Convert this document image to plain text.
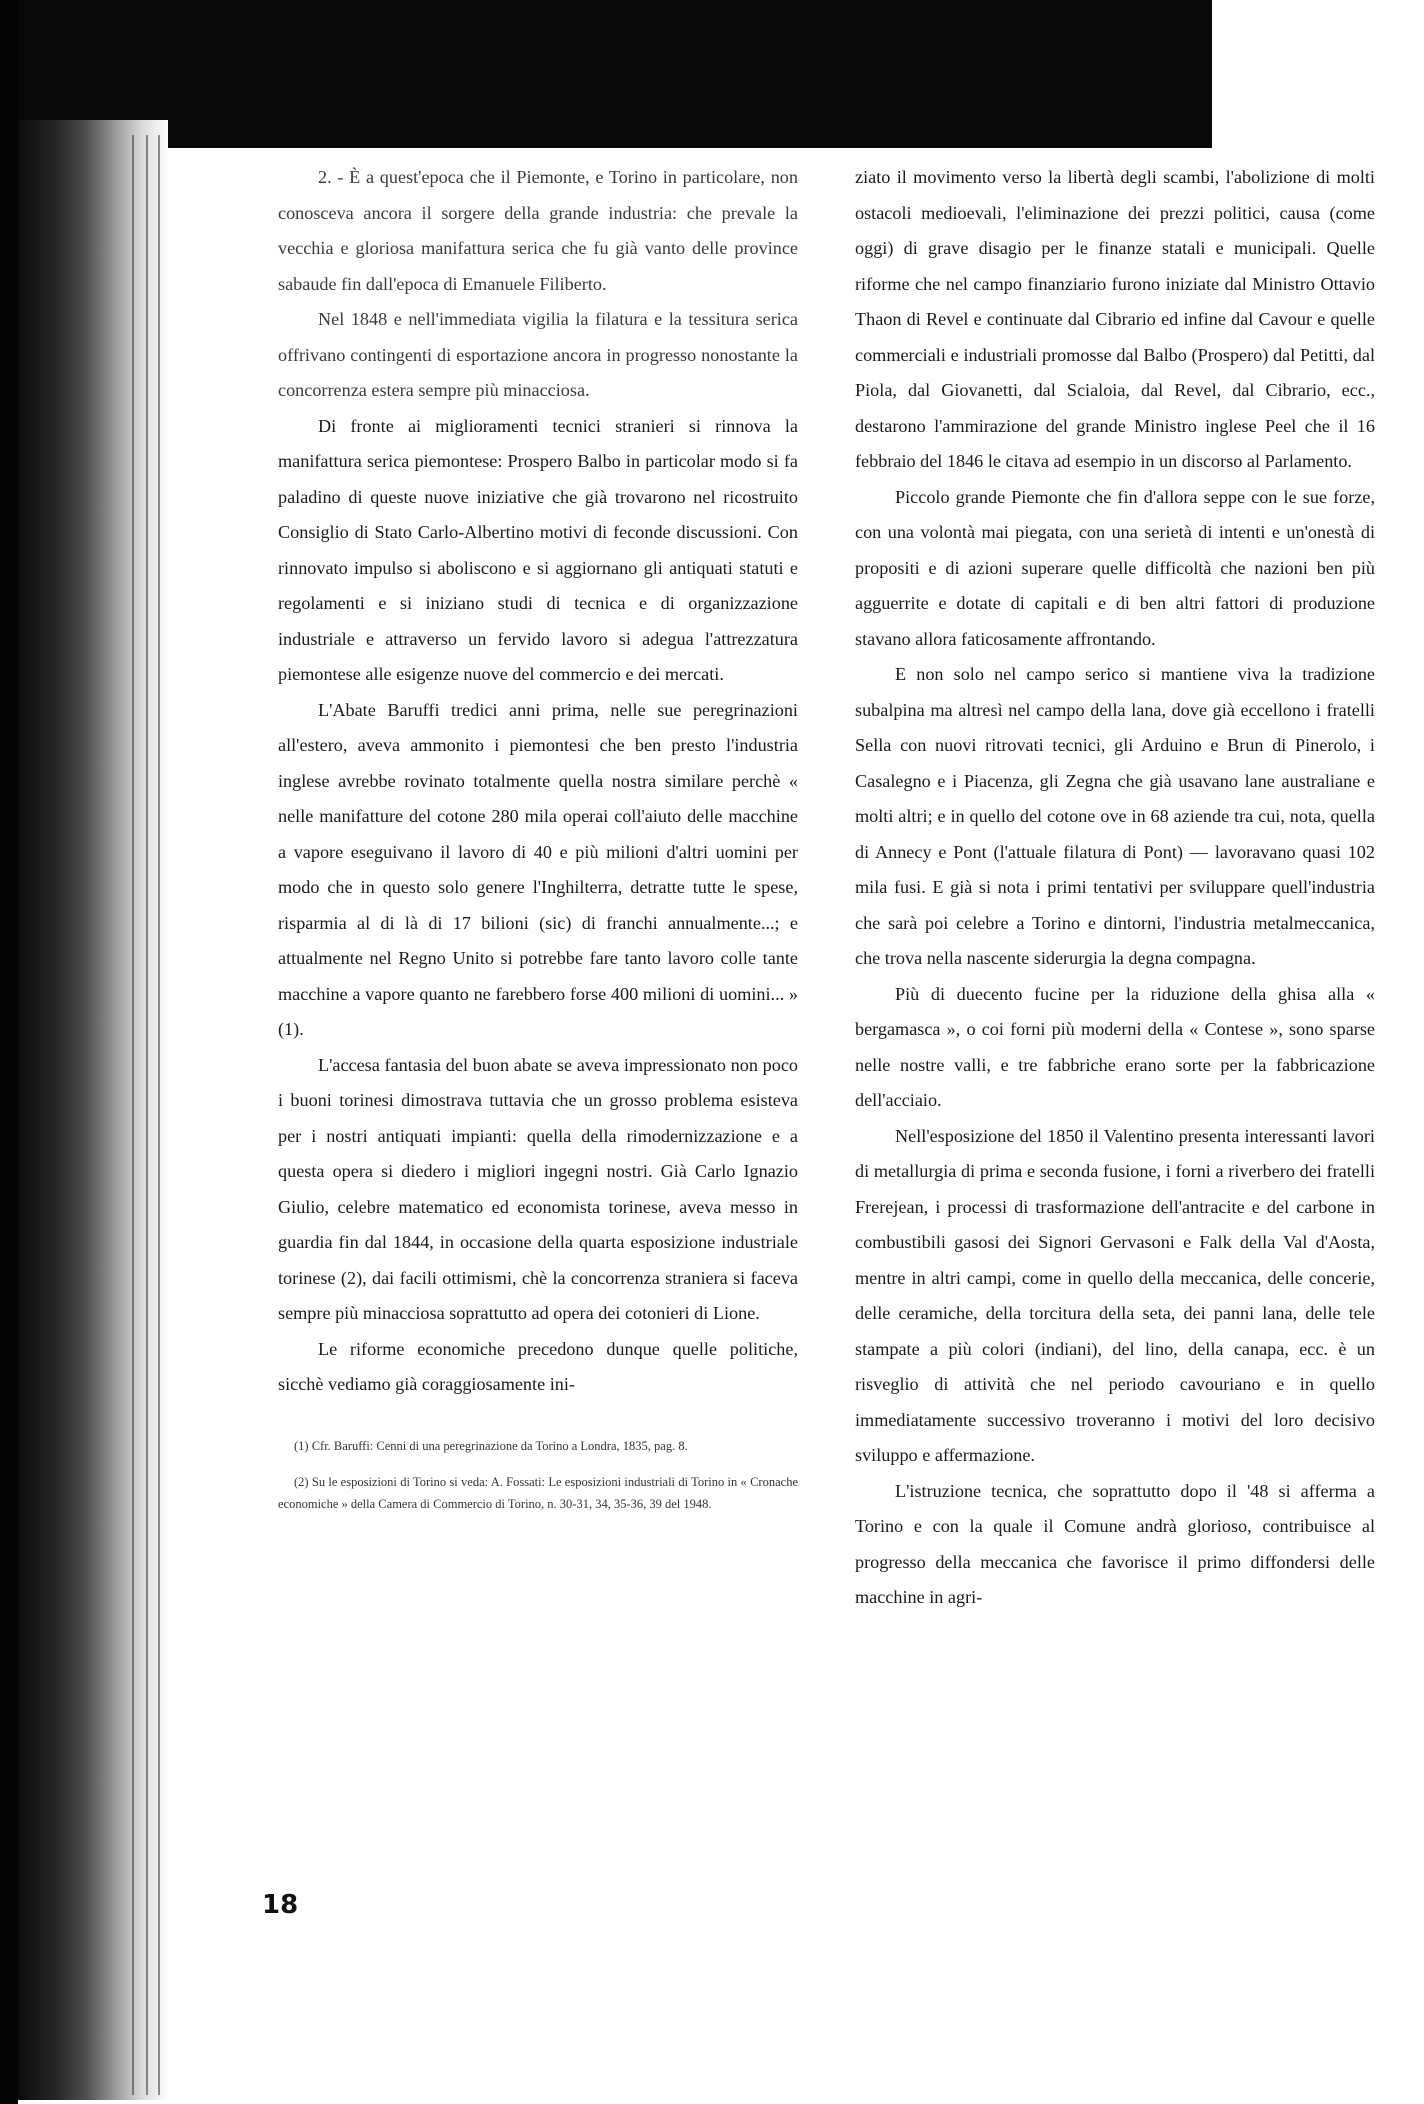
2. - È a quest'epoca che il Piemonte, e Torino in particolare, non conosceva ancora il sorgere della grande industria: che prevale la vecchia e gloriosa manifattura serica che fu già vanto delle province sabaude fin dall'epoca di Emanuele Filiberto.

Nel 1848 e nell'immediata vigilia la filatura e la tessitura serica offrivano contingenti di esportazione ancora in progresso nonostante la concorrenza estera sempre più minacciosa.

Di fronte ai miglioramenti tecnici stranieri si rinnova la manifattura serica piemontese: Prospero Balbo in particolar modo si fa paladino di queste nuove iniziative che già trovarono nel ricostruito Consiglio di Stato Carlo-Albertino motivi di feconde discussioni. Con rinnovato impulso si aboliscono e si aggiornano gli antiquati statuti e regolamenti e si iniziano studi di tecnica e di organizzazione industriale e attraverso un fervido lavoro si adegua l'attrezzatura piemontese alle esigenze nuove del commercio e dei mercati.

L'Abate Baruffi tredici anni prima, nelle sue peregrinazioni all'estero, aveva ammonito i piemontesi che ben presto l'industria inglese avrebbe rovinato totalmente quella nostra similare perchè « nelle manifatture del cotone 280 mila operai coll'aiuto delle macchine a vapore eseguivano il lavoro di 40 e più milioni d'altri uomini per modo che in questo solo genere l'Inghilterra, detratte tutte le spese, risparmia al di là di 17 bilioni (sic) di franchi annualmente...; e attualmente nel Regno Unito si potrebbe fare tanto lavoro colle tante macchine a vapore quanto ne farebbero forse 400 milioni di uomini... » (1).

L'accesa fantasia del buon abate se aveva impressionato non poco i buoni torinesi dimostrava tuttavia che un grosso problema esisteva per i nostri antiquati impianti: quella della rimodernizzazione e a questa opera si diedero i migliori ingegni nostri. Già Carlo Ignazio Giulio, celebre matematico ed economista torinese, aveva messo in guardia fin dal 1844, in occasione della quarta esposizione industriale torinese (2), dai facili ottimismi, chè la concorrenza straniera si faceva sempre più minacciosa soprattutto ad opera dei cotonieri di Lione.

Le riforme economiche precedono dunque quelle politiche, sicchè vediamo già coraggiosamente ini-

(1) Cfr. Baruffi: Cenni di una peregrinazione da Torino a Londra, 1835, pag. 8.

(2) Su le esposizioni di Torino si veda: A. Fossati: Le esposizioni industriali di Torino in « Cronache economiche » della Camera di Commercio di Torino, n. 30-31, 34, 35-36, 39 del 1948.

ziato il movimento verso la libertà degli scambi, l'abolizione di molti ostacoli medioevali, l'eliminazione dei prezzi politici, causa (come oggi) di grave disagio per le finanze statali e municipali. Quelle riforme che nel campo finanziario furono iniziate dal Ministro Ottavio Thaon di Revel e continuate dal Cibrario ed infine dal Cavour e quelle commerciali e industriali promosse dal Balbo (Prospero) dal Petitti, dal Piola, dal Giovanetti, dal Scialoia, dal Revel, dal Cibrario, ecc., destarono l'ammirazione del grande Ministro inglese Peel che il 16 febbraio del 1846 le citava ad esempio in un discorso al Parlamento.

Piccolo grande Piemonte che fin d'allora seppe con le sue forze, con una volontà mai piegata, con una serietà di intenti e un'onestà di propositi e di azioni superare quelle difficoltà che nazioni ben più agguerrite e dotate di capitali e di ben altri fattori di produzione stavano allora faticosamente affrontando.

E non solo nel campo serico si mantiene viva la tradizione subalpina ma altresì nel campo della lana, dove già eccellono i fratelli Sella con nuovi ritrovati tecnici, gli Arduino e Brun di Pinerolo, i Casalegno e i Piacenza, gli Zegna che già usavano lane australiane e molti altri; e in quello del cotone ove in 68 aziende tra cui, nota, quella di Annecy e Pont (l'attuale filatura di Pont) — lavoravano quasi 102 mila fusi. E già si nota i primi tentativi per sviluppare quell'industria che sarà poi celebre a Torino e dintorni, l'industria metalmeccanica, che trova nella nascente siderurgia la degna compagna.

Più di duecento fucine per la riduzione della ghisa alla « bergamasca », o coi forni più moderni della « Contese », sono sparse nelle nostre valli, e tre fabbriche erano sorte per la fabbricazione dell'acciaio.

Nell'esposizione del 1850 il Valentino presenta interessanti lavori di metallurgia di prima e seconda fusione, i forni a riverbero dei fratelli Frerejean, i processi di trasformazione dell'antracite e del carbone in combustibili gasosi dei Signori Gervasoni e Falk della Val d'Aosta, mentre in altri campi, come in quello della meccanica, delle concerie, delle ceramiche, della torcitura della seta, dei panni lana, delle tele stampate a più colori (indiani), del lino, della canapa, ecc. è un risveglio di attività che nel periodo cavouriano e in quello immediatamente successivo troveranno i motivi del loro decisivo sviluppo e affermazione.

L'istruzione tecnica, che soprattutto dopo il '48 si afferma a Torino e con la quale il Comune andrà glorioso, contribuisce al progresso della meccanica che favorisce il primo diffondersi delle macchine in agri-

18
